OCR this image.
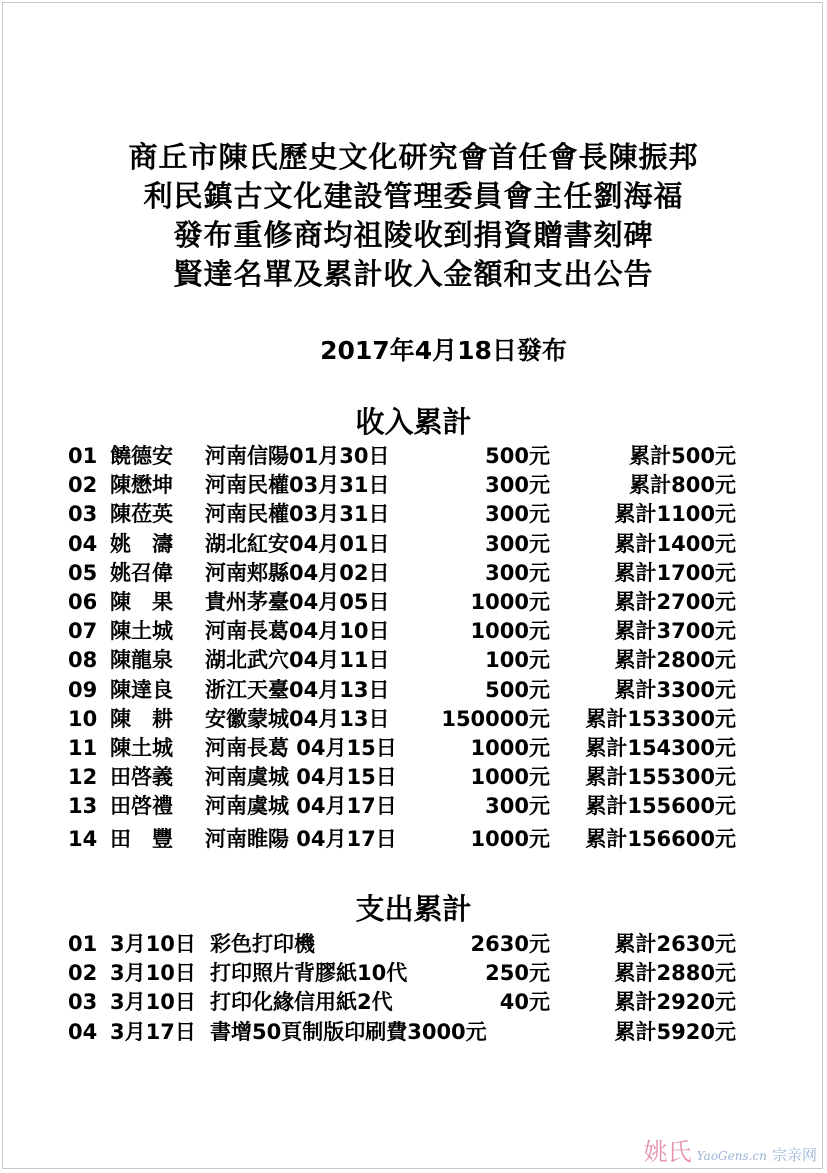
商丘市陳氏歷史文化研究會首任會長陳振邦
利民鎮古文化建設管理委員會主任劉海福
發布重修商均祖陵收到捐資贈書刻碑
賢達名單及累計收入金額和支出公告
2017年4月18日發布
收入累計
01 饒德安 河南信陽01月30日	500元	累計500元
02 陳懋坤 河南民權03月31日	300元	累計800元
03 陳莅英 河南民權03月31日	300元	累計1100元
04 姚　濤 湖北紅安04月01日	300元	累計1400元
05 姚召偉 河南郏縣04月02日	300元	累計1700元
06 陳　果 貴州茅臺04月05日	1000元	累計2700元
07 陳土城 河南長葛04月10日	1000元	累計3700元
08 陳龍泉 湖北武穴04月11日	100元	累計2800元
09 陳達良 浙江天臺04月13日	500元	累計3300元
10 陳　耕 安徽蒙城04月13日 150000元 累計153300元
11 陳土城 河南長葛 04月15日	1000元 累計154300元
12 田啓義 河南虞城 04月15日	1000元 累計155300元
13 田啓禮 河南虞城 04月17日	300元 累計155600元
14 田　豐 河南睢陽 04月17日	1000元 累計156600元
支出累計
01 3月10日 彩色打印機	2630元	累計2630元
02 3月10日 打印照片背膠紙10代	250元	累計2880元
03 3月10日 打印化緣信用紙2代	40元	累計2920元
04 3月17日 書增50頁制版印刷費3000元	累計5920元
姚氏 YaoGens.cn 宗亲网
